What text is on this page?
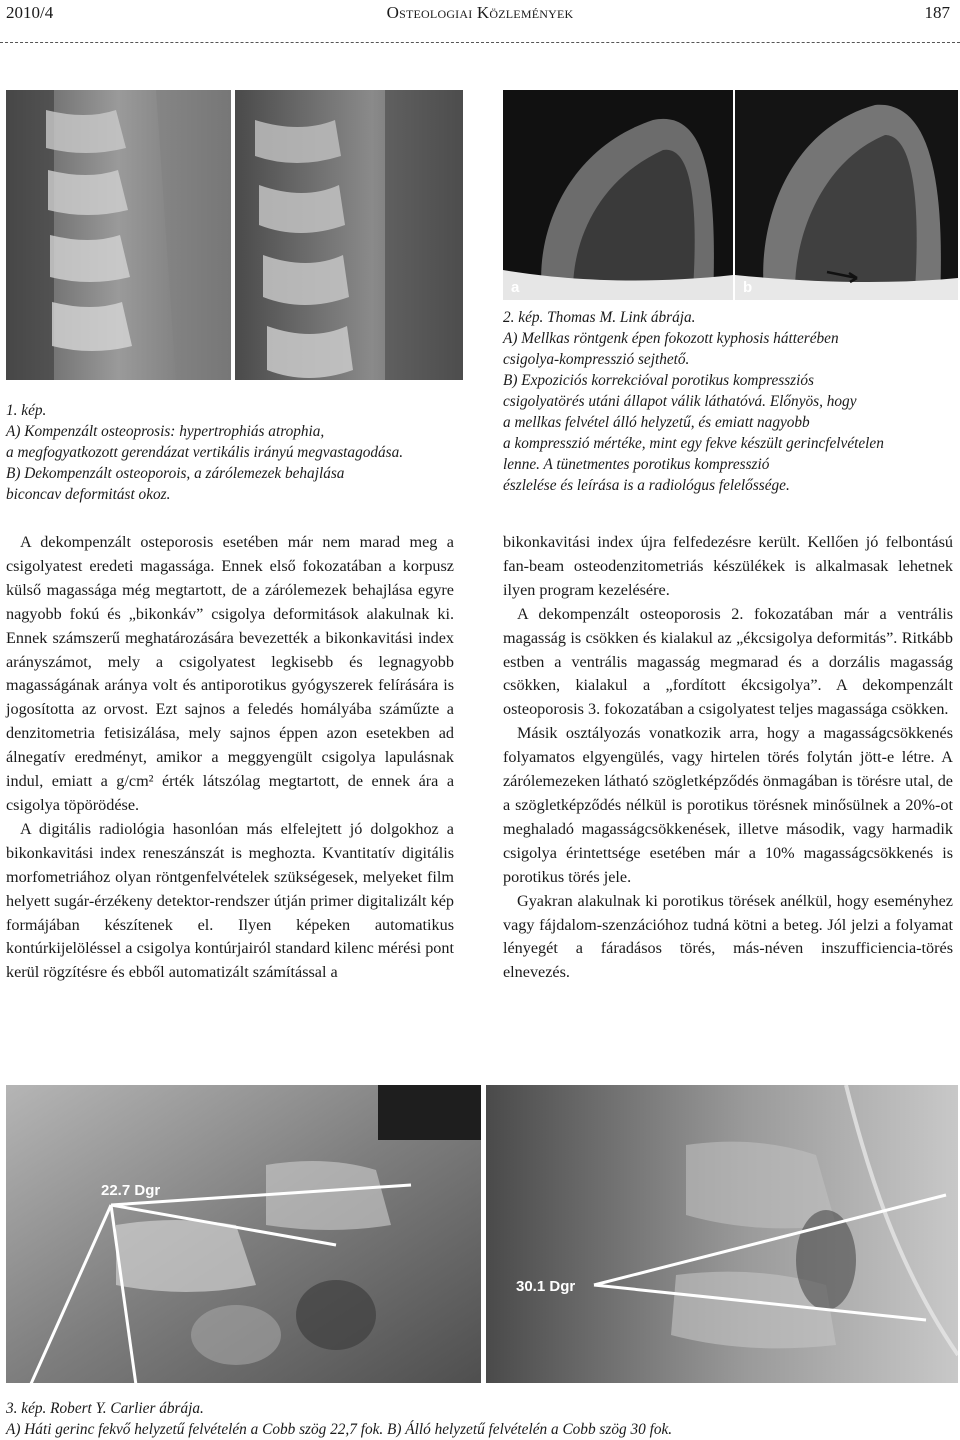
2010/4	Osteologiai Közlemények	187

1. kép.

A) Kompenzált osteoprosis: hypertrophiás atrophia,

a megfogyatkozott gerendázat vertikális irányú megvastagodása.

B) Dekompenzált osteoporois, a zárólemezek behajlása

biconcav deformitást okoz.

a	b

2. kép. Thomas M. Link ábrája.

A) Mellkas röntgenk épen fokozott kyphosis hátterében

csigolya-kompresszió sejthető.

B) Expoziciós korrekcióval porotikus kompressziós

csigolyatörés utáni állapot válik láthatóvá. Előnyös, hogy

a mellkas felvétel álló helyzetű, és emiatt nagyobb

a kompresszió mértéke, mint egy fekve készült gerincfelvételen

lenne. A tünetmentes porotikus kompresszió

észlelése és leírása is a radiológus felelőssége.

A dekompenzált osteporosis esetében már nem marad meg a csigolyatest eredeti magassága. Ennek első fokozatában a korpusz külső magassága még megtartott, de a zárólemezek behajlása egyre nagyobb fokú és „bikonkáv” csigolya deformitások alakulnak ki. Ennek számszerű meghatározására bevezették a bikonkavitási index arányszámot, mely a csigolyatest legkisebb és legnagyobb magasságának aránya volt és antiporotikus gyógyszerek felírására is jogosította az orvost. Ezt sajnos a feledés homályába száműzte a denzitometria fetisizálása, mely sajnos éppen azon esetekben ad álnegatív eredményt, amikor a meggyengült csigolya lapulásnak indul, emiatt a g/cm² érték látszólag megtartott, de ennek ára a csigolya töpörödése.

A digitális radiológia hasonlóan más elfelejtett jó dolgokhoz a bikonkavitási index reneszánszát is meghozta. Kvantitatív digitális morfometriához olyan röntgenfelvételek szükségesek, melyeket film helyett sugár-érzékeny detektor-rendszer útján primer digitalizált kép formájában készítenek el. Ilyen képeken automatikus kontúrkijelöléssel a csigolya kontúrjairól standard kilenc mérési pont kerül rögzítésre és ebből automatizált számítással a

bikonkavitási index újra felfedezésre került. Kellően jó felbontású fan-beam osteodenzitometriás készülékek is alkalmasak lehetnek ilyen program kezelésére.

A dekompenzált osteoporosis 2. fokozatában már a ventrális magasság is csökken és kialakul az „ékcsigolya deformitás”. Ritkább estben a ventrális magasság megmarad és a dorzális magasság csökken, kialakul a „fordított ékcsigolya”. A dekompenzált osteoporosis 3. fokozatában a csigolyatest teljes magassága csökken.

Másik osztályozás vonatkozik arra, hogy a magasságcsökkenés folyamatos elgyengülés, vagy hirtelen törés folytán jött-e létre. A zárólemezeken látható szögletképződés önmagában is törésre utal, de a szögletképződés nélkül is porotikus törésnek minősülnek a 20%-ot meghaladó magasságcsökkenések, illetve második, vagy harmadik csigolya érintettsége esetében már a 10% magasságcsökkenés is porotikus törés jele.

Gyakran alakulnak ki porotikus törések anélkül, hogy eseményhez vagy fájdalom-szenzációhoz tudná kötni a beteg. Jól jelzi a folyamat lényegét a fáradásos törés, más-néven inszufficiencia-törés elnevezés.

22.7 Dgr
30.1 Dgr

3. kép. Robert Y. Carlier ábrája.

A) Háti gerinc fekvő helyzetű felvételén a Cobb szög 22,7 fok. B) Álló helyzetű felvételén a Cobb szög 30 fok.
